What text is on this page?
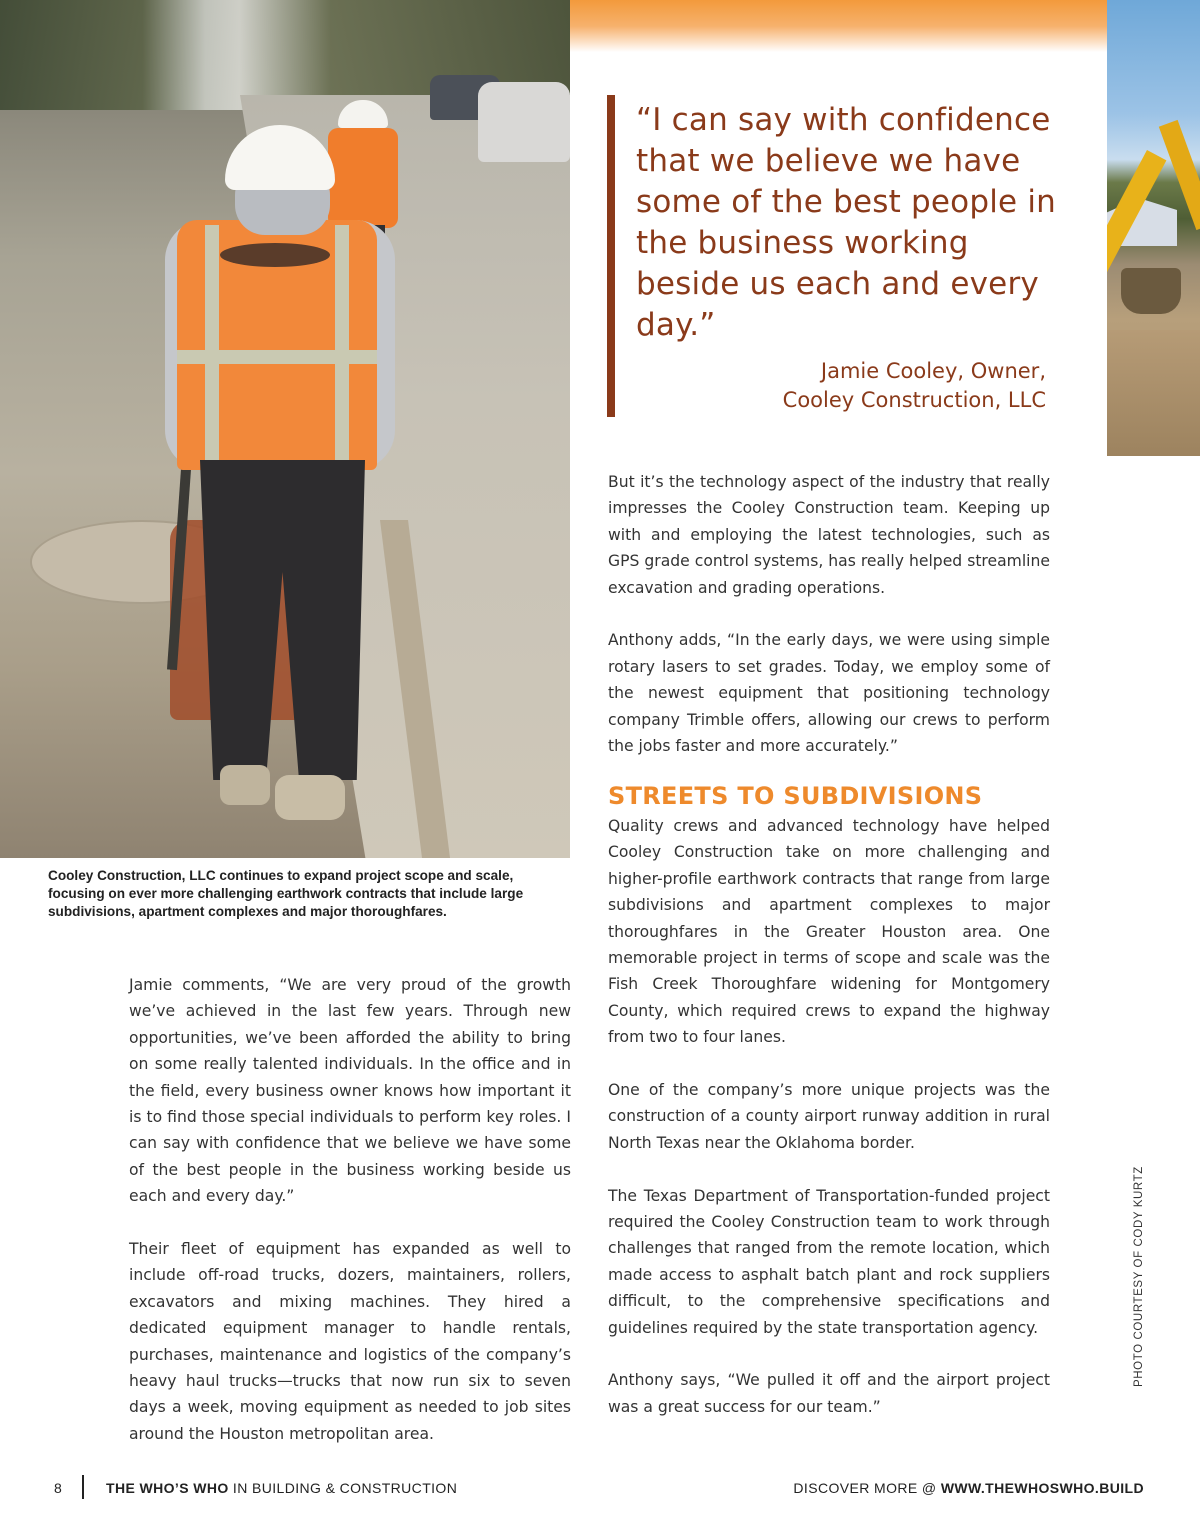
“I can say with confidence that we believe we have some of the best people in the business working beside us each and every day.”

Jamie Cooley, Owner,
Cooley Construction, LLC

Cooley Construction, LLC continues to expand project scope and scale, focusing on ever more challenging earthwork contracts that include large subdivisions, apartment complexes and major thoroughfares.

Jamie comments, “We are very proud of the growth we’ve achieved in the last few years. Through new opportunities, we’ve been afforded the ability to bring on some really talented individuals. In the office and in the field, every business owner knows how important it is to find those special individuals to perform key roles. I can say with confidence that we believe we have some of the best people in the business working beside us each and every day.”

Their fleet of equipment has expanded as well to include off-road trucks, dozers, maintainers, rollers, excavators and mixing machines. They hired a dedicated equipment manager to handle rentals, purchases, maintenance and logistics of the company’s heavy haul trucks—trucks that now run six to seven days a week, moving equipment as needed to job sites around the Houston metropolitan area.

But it’s the technology aspect of the industry that really impresses the Cooley Construction team. Keeping up with and employing the latest technologies, such as GPS grade control systems, has really helped streamline excavation and grading operations.

Anthony adds, “In the early days, we were using simple rotary lasers to set grades. Today, we employ some of the newest equipment that positioning technology company Trimble offers, allowing our crews to perform the jobs faster and more accurately.”

STREETS TO SUBDIVISIONS

Quality crews and advanced technology have helped Cooley Construction take on more challenging and higher-profile earthwork contracts that range from large subdivisions and apartment complexes to major thoroughfares in the Greater Houston area. One memorable project in terms of scope and scale was the Fish Creek Thoroughfare widening for Montgomery County, which required crews to expand the highway from two to four lanes.

One of the company’s more unique projects was the construction of a county airport runway addition in rural North Texas near the Oklahoma border.

The Texas Department of Transportation-funded project required the Cooley Construction team to work through challenges that ranged from the remote location, which made access to asphalt batch plant and rock suppliers difficult, to the comprehensive specifications and guidelines required by the state transportation agency.

Anthony says, “We pulled it off and the airport project was a great success for our team.”

PHOTO COURTESY OF CODY KURTZ
8	THE WHO’S WHO IN BUILDING & CONSTRUCTION	DISCOVER MORE @ WWW.THEWHOSWHO.BUILD
